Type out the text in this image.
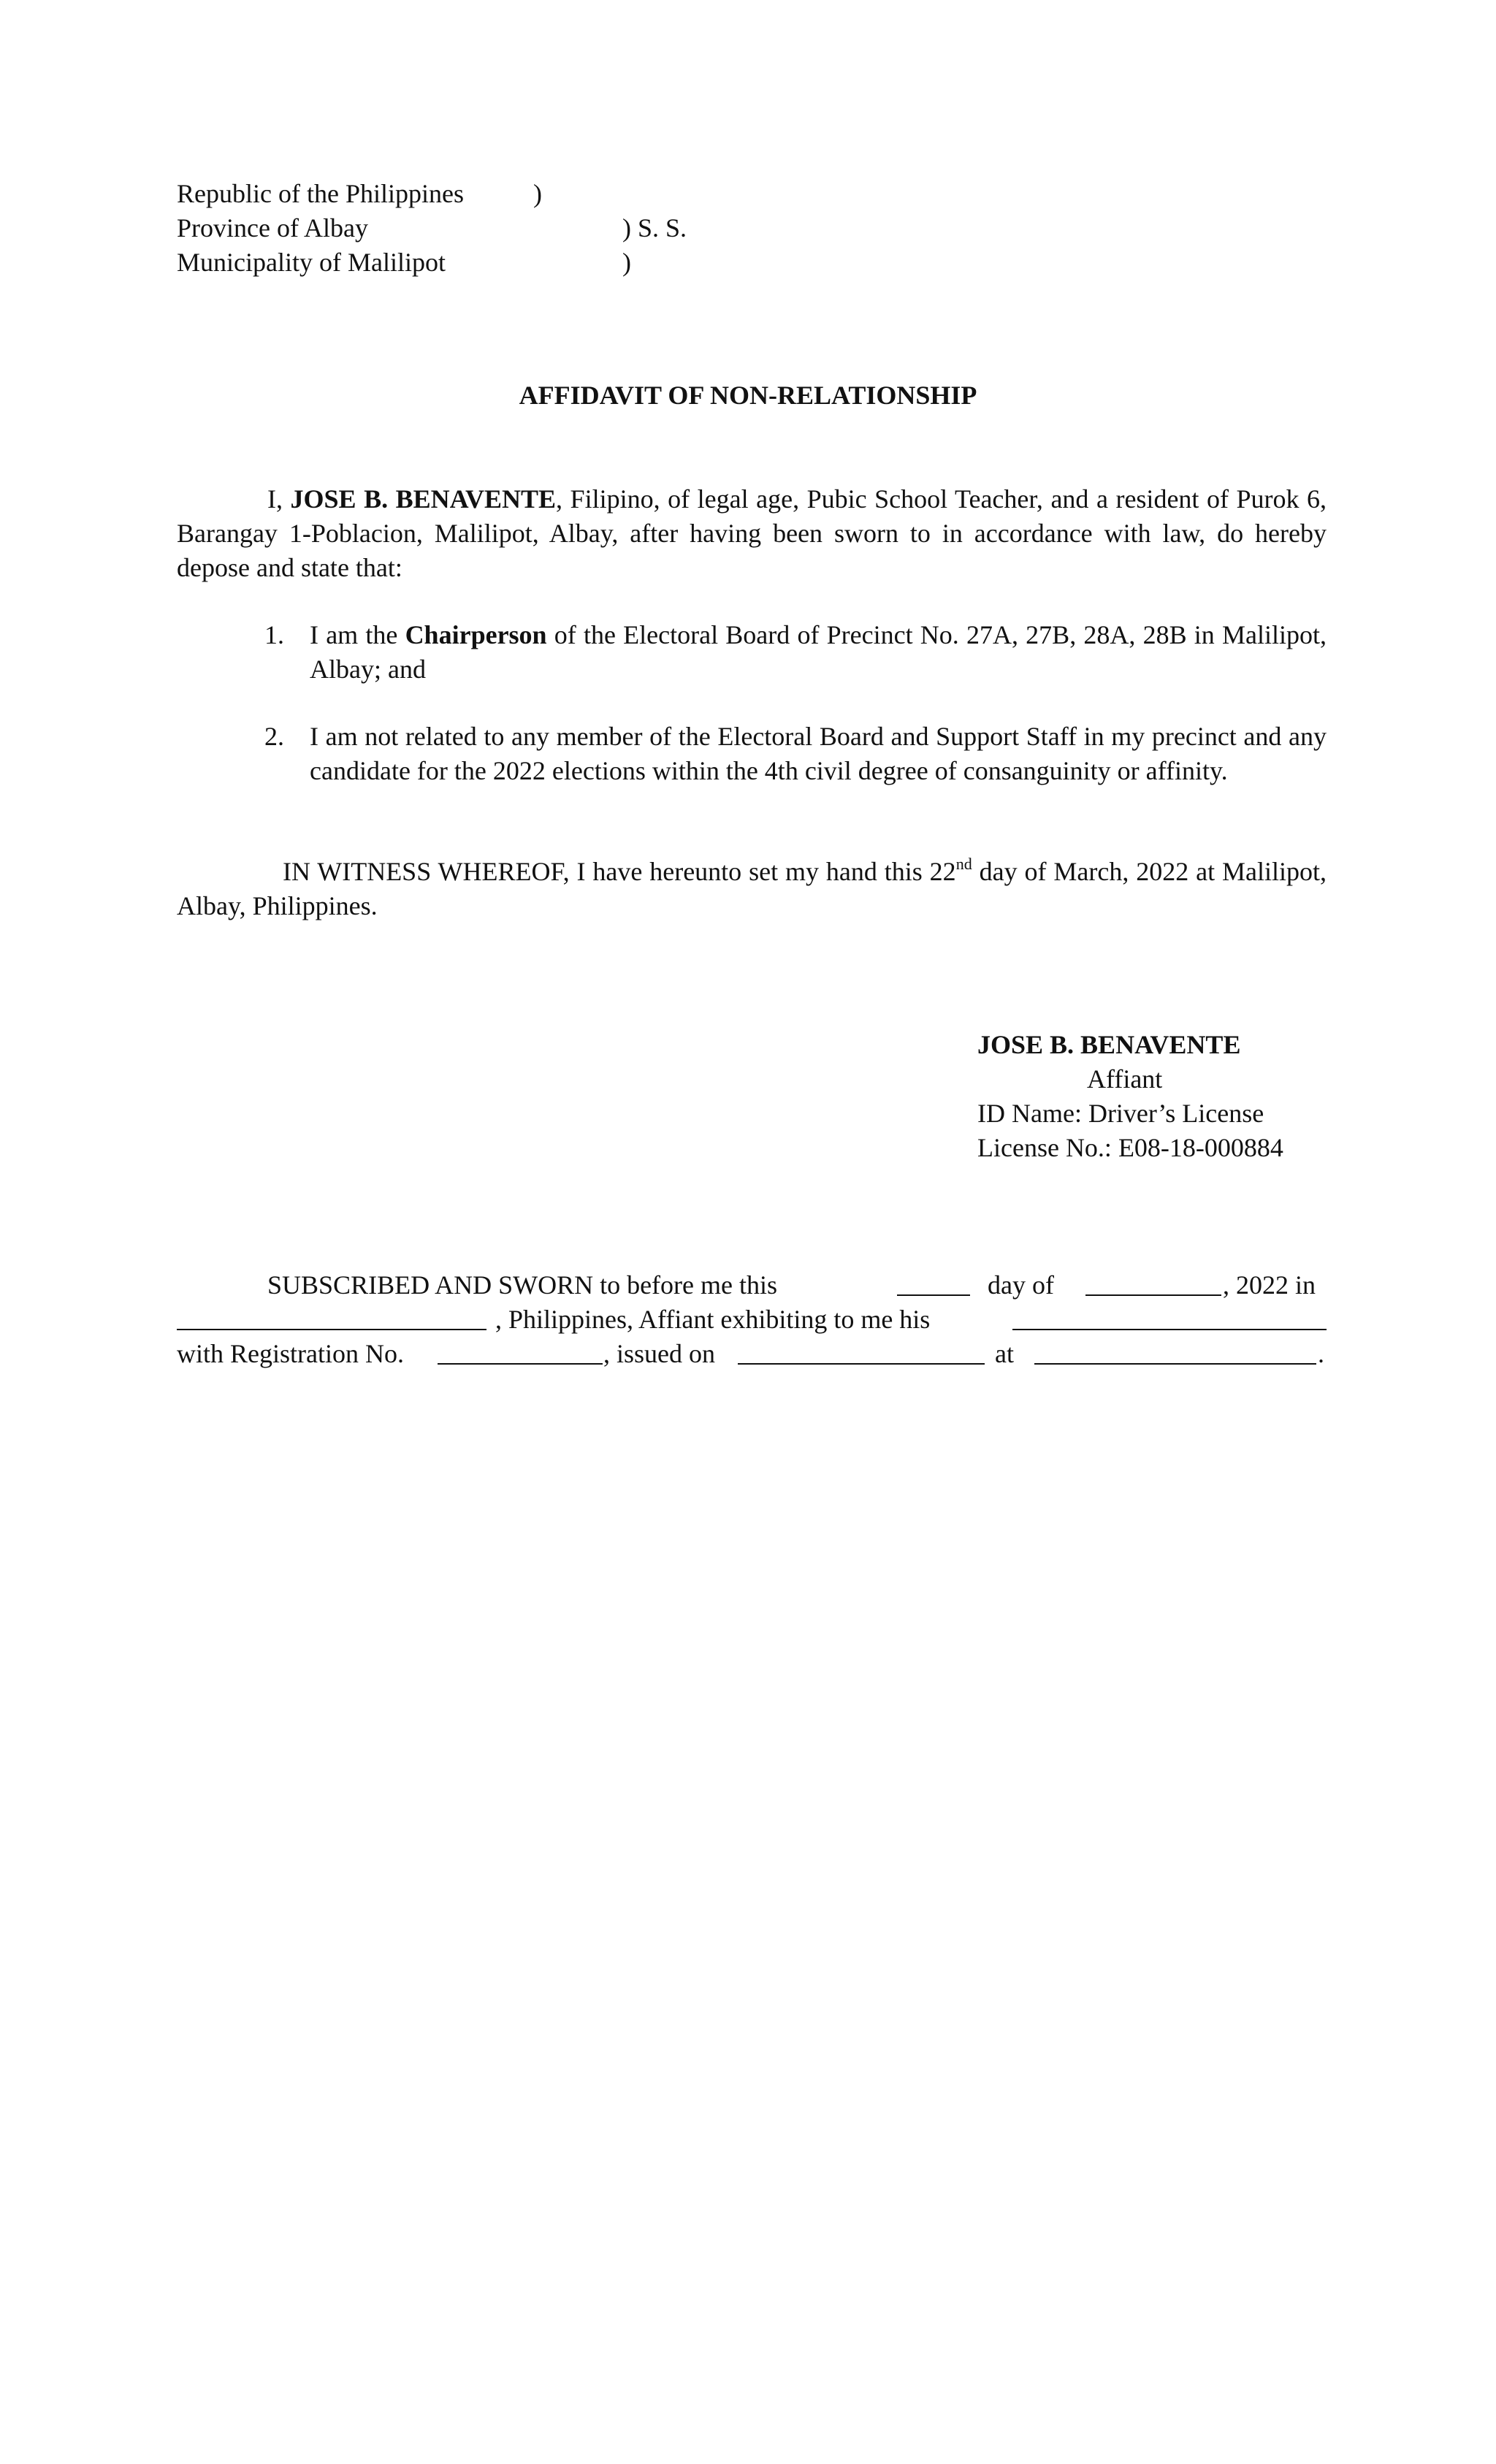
Republic of the Philippines	)
Province of Albay	) S. S.
Municipality of Malilipot	)
AFFIDAVIT OF NON-RELATIONSHIP
I, JOSE B. BENAVENTE, Filipino, of legal age, Pubic School Teacher, and a resident of Purok 6, Barangay 1-Poblacion, Malilipot, Albay, after having been sworn to in accordance with law, do hereby depose and state that:
1. I am the Chairperson of the Electoral Board of Precinct No. 27A, 27B, 28A, 28B in Malilipot, Albay; and
2. I am not related to any member of the Electoral Board and Support Staff in my precinct and any candidate for the 2022 elections within the 4th civil degree of consanguinity or affinity.
IN WITNESS WHEREOF, I have hereunto set my hand this 22nd day of March, 2022 at Malilipot, Albay, Philippines.
JOSE B. BENAVENTE
Affiant
ID Name: Driver’s License
License No.: E08-18-000884
SUBSCRIBED AND SWORN to before me this	day of	, 2022 in
, Philippines, Affiant exhibiting to me his
with Registration No.	, issued on	at	.
